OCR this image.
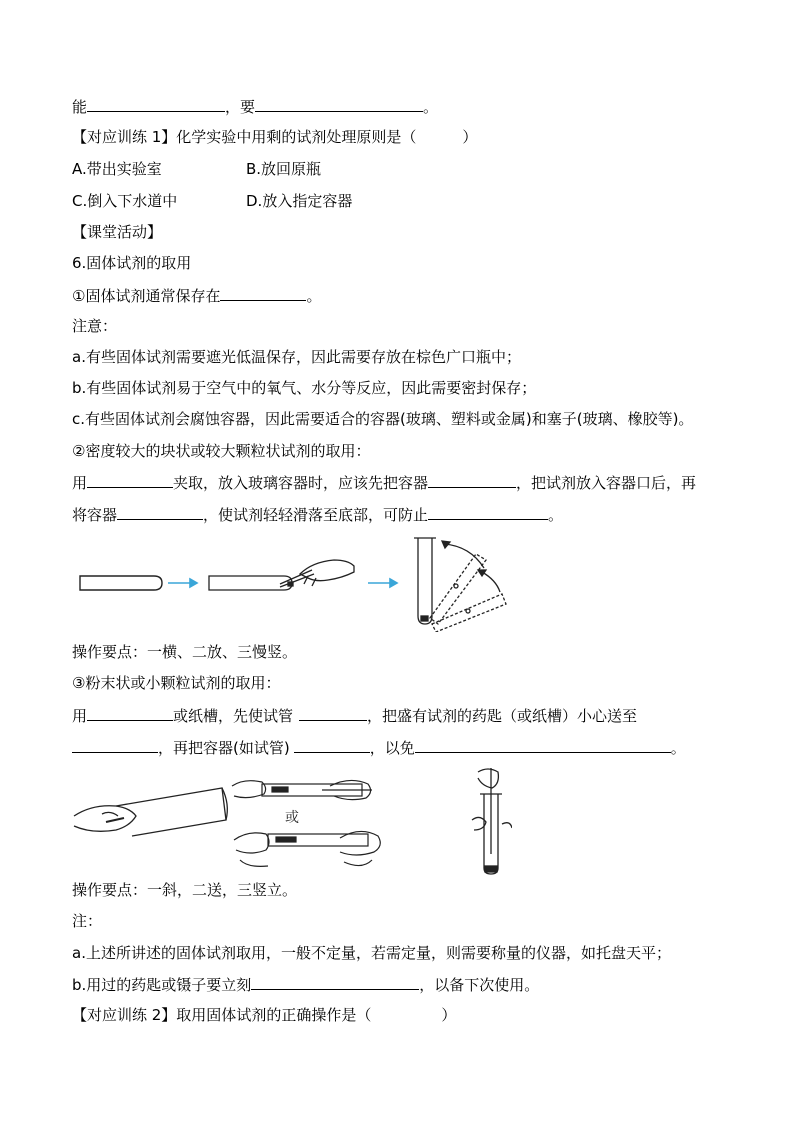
能	，要	。
【对应训练 1】化学实验中用剩的试剂处理原则是（	）
A.带出实验室	B.放回原瓶
C.倒入下水道中	D.放入指定容器
【课堂活动】
6.固体试剂的取用
①固体试剂通常保存在	。
注意：
a.有些固体试剂需要遮光低温保存，因此需要存放在棕色广口瓶中；
b.有些固体试剂易于空气中的氧气、水分等反应，因此需要密封保存；
c.有些固体试剂会腐蚀容器，因此需要适合的容器(玻璃、塑料或金属)和塞子(玻璃、橡胶等)。
②密度较大的块状或较大颗粒状试剂的取用：
用	夹取，放入玻璃容器时，应该先把容器	，把试剂放入容器口后，再
将容器	，使试剂轻轻滑落至底部，可防止	。
操作要点：一横、二放、三慢竖。
③粉末状或小颗粒试剂的取用：
用	或纸槽，先使试管	，把盛有试剂的药匙（或纸槽）小心送至
，再把容器(如试管)	，以免	。
或
操作要点：一斜，二送，三竖立。
注：
a.上述所讲述的固体试剂取用，一般不定量，若需定量，则需要称量的仪器，如托盘天平；
b.用过的药匙或镊子要立刻	，以备下次使用。
【对应训练 2】取用固体试剂的正确操作是（	）
